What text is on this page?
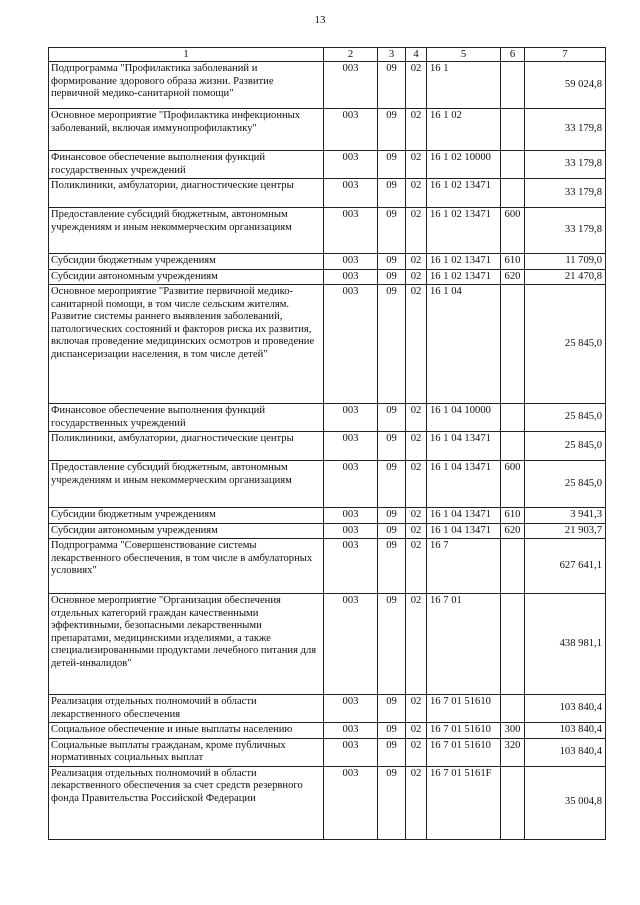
13
1	2	3	4	5	6	7
Подпрограмма "Профилактика заболеваний и формирование здорового образа жизни. Развитие первичной медико-санитарной помощи"	003	09	02	16 1		59 024,8
Основное мероприятие "Профилактика инфекционных заболеваний, включая иммунопрофилактику"	003	09	02	16 1 02		33 179,8
Финансовое обеспечение выполнения функций государственных учреждений	003	09	02	16 1 02 10000		33 179,8
Поликлиники, амбулатории, диагностические центры	003	09	02	16 1 02 13471		33 179,8
Предоставление субсидий бюджетным, автономным учреждениям и иным некоммерческим организациям	003	09	02	16 1 02 13471	600	33 179,8
Субсидии бюджетным учреждениям	003	09	02	16 1 02 13471	610	11 709,0
Субсидии автономным учреждениям	003	09	02	16 1 02 13471	620	21 470,8
Основное мероприятие "Развитие первичной медико-санитарной помощи, в том числе сельским жителям. Развитие системы раннего выявления заболеваний, патологических состояний и факторов риска их развития, включая проведение медицинских осмотров и проведение диспансеризации населения, в том числе детей"	003	09	02	16 1 04		25 845,0
Финансовое обеспечение выполнения функций государственных учреждений	003	09	02	16 1 04 10000		25 845,0
Поликлиники, амбулатории, диагностические центры	003	09	02	16 1 04 13471		25 845,0
Предоставление субсидий бюджетным, автономным учреждениям и иным некоммерческим организациям	003	09	02	16 1 04 13471	600	25 845,0
Субсидии бюджетным учреждениям	003	09	02	16 1 04 13471	610	3 941,3
Субсидии автономным учреждениям	003	09	02	16 1 04 13471	620	21 903,7
Подпрограмма "Совершенствование системы лекарственного обеспечения, в том числе в амбулаторных условиях"	003	09	02	16 7		627 641,1
Основное мероприятие "Организация обеспечения отдельных категорий граждан качественными эффективными, безопасными лекарственными препаратами, медицинскими изделиями, а также специализированными продуктами лечебного питания для детей-инвалидов"	003	09	02	16 7 01		438 981,1
Реализация отдельных полномочий в области лекарственного обеспечения	003	09	02	16 7 01 51610		103 840,4
Социальное обеспечение и иные выплаты населению	003	09	02	16 7 01 51610	300	103 840,4
Социальные выплаты гражданам, кроме публичных нормативных социальных выплат	003	09	02	16 7 01 51610	320	103 840,4
Реализация отдельных полномочий в области лекарственного обеспечения за счет средств резервного фонда Правительства Российской Федерации	003	09	02	16 7 01 5161F		35 004,8
